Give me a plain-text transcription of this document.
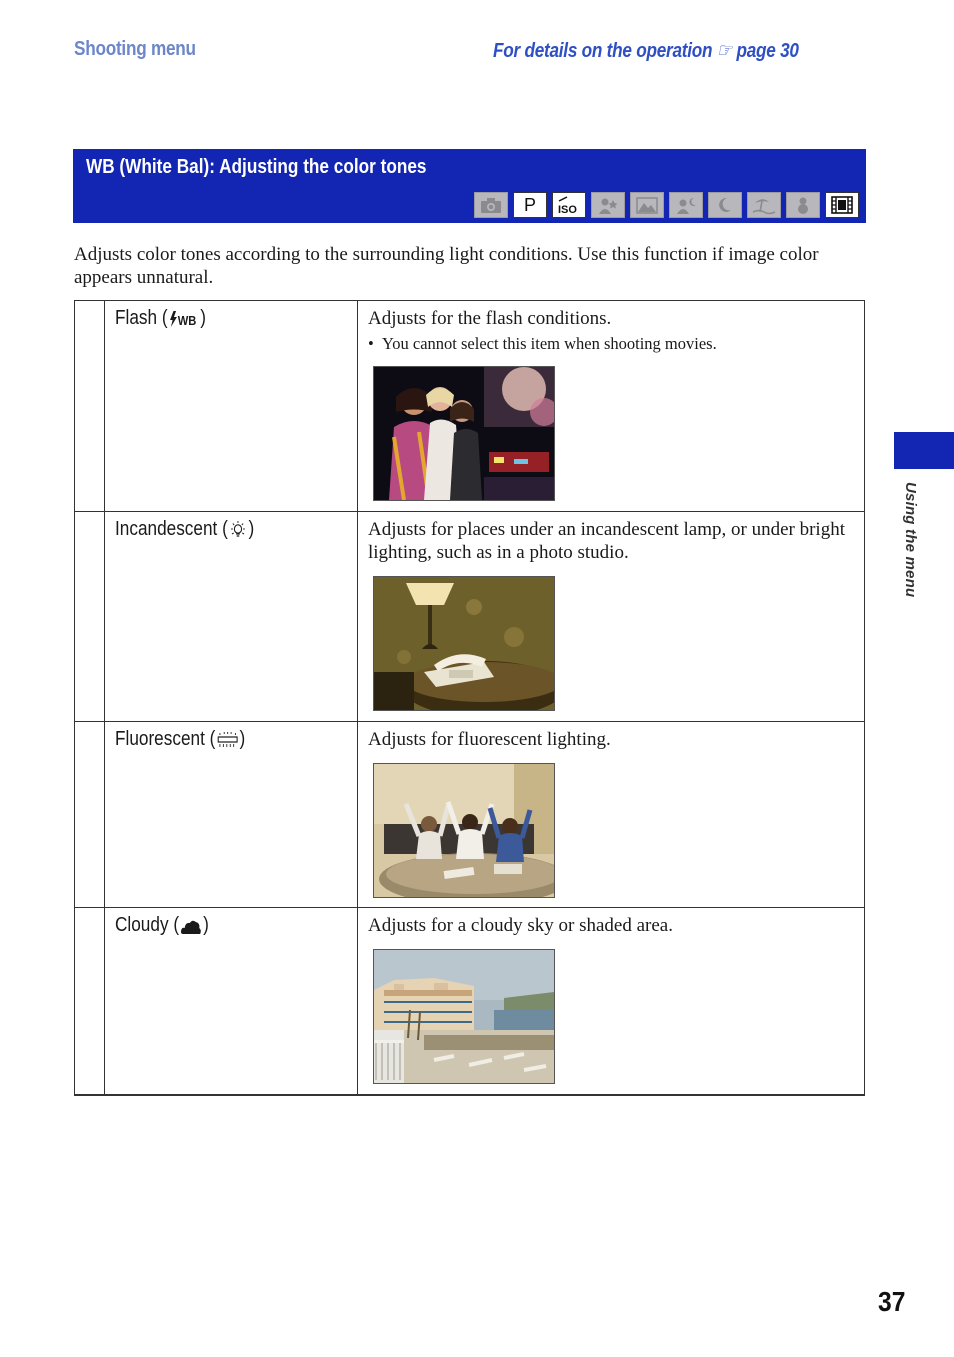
Shooting menu	For details on the operation ☞ page 30
WB (White Bal): Adjusting the color tones
P ISO

Adjusts color tones according to the surrounding light conditions. Use this function if image color appears unnatural.

Flash ( WB )	Adjusts for the flash conditions.
• You cannot select this item when shooting movies.
Incandescent ( )	Adjusts for places under an incandescent lamp, or under bright lighting, such as in a photo studio.
Fluorescent ( )	Adjusts for fluorescent lighting.
Cloudy ( )	Adjusts for a cloudy sky or shaded area.
Using the menu
37
